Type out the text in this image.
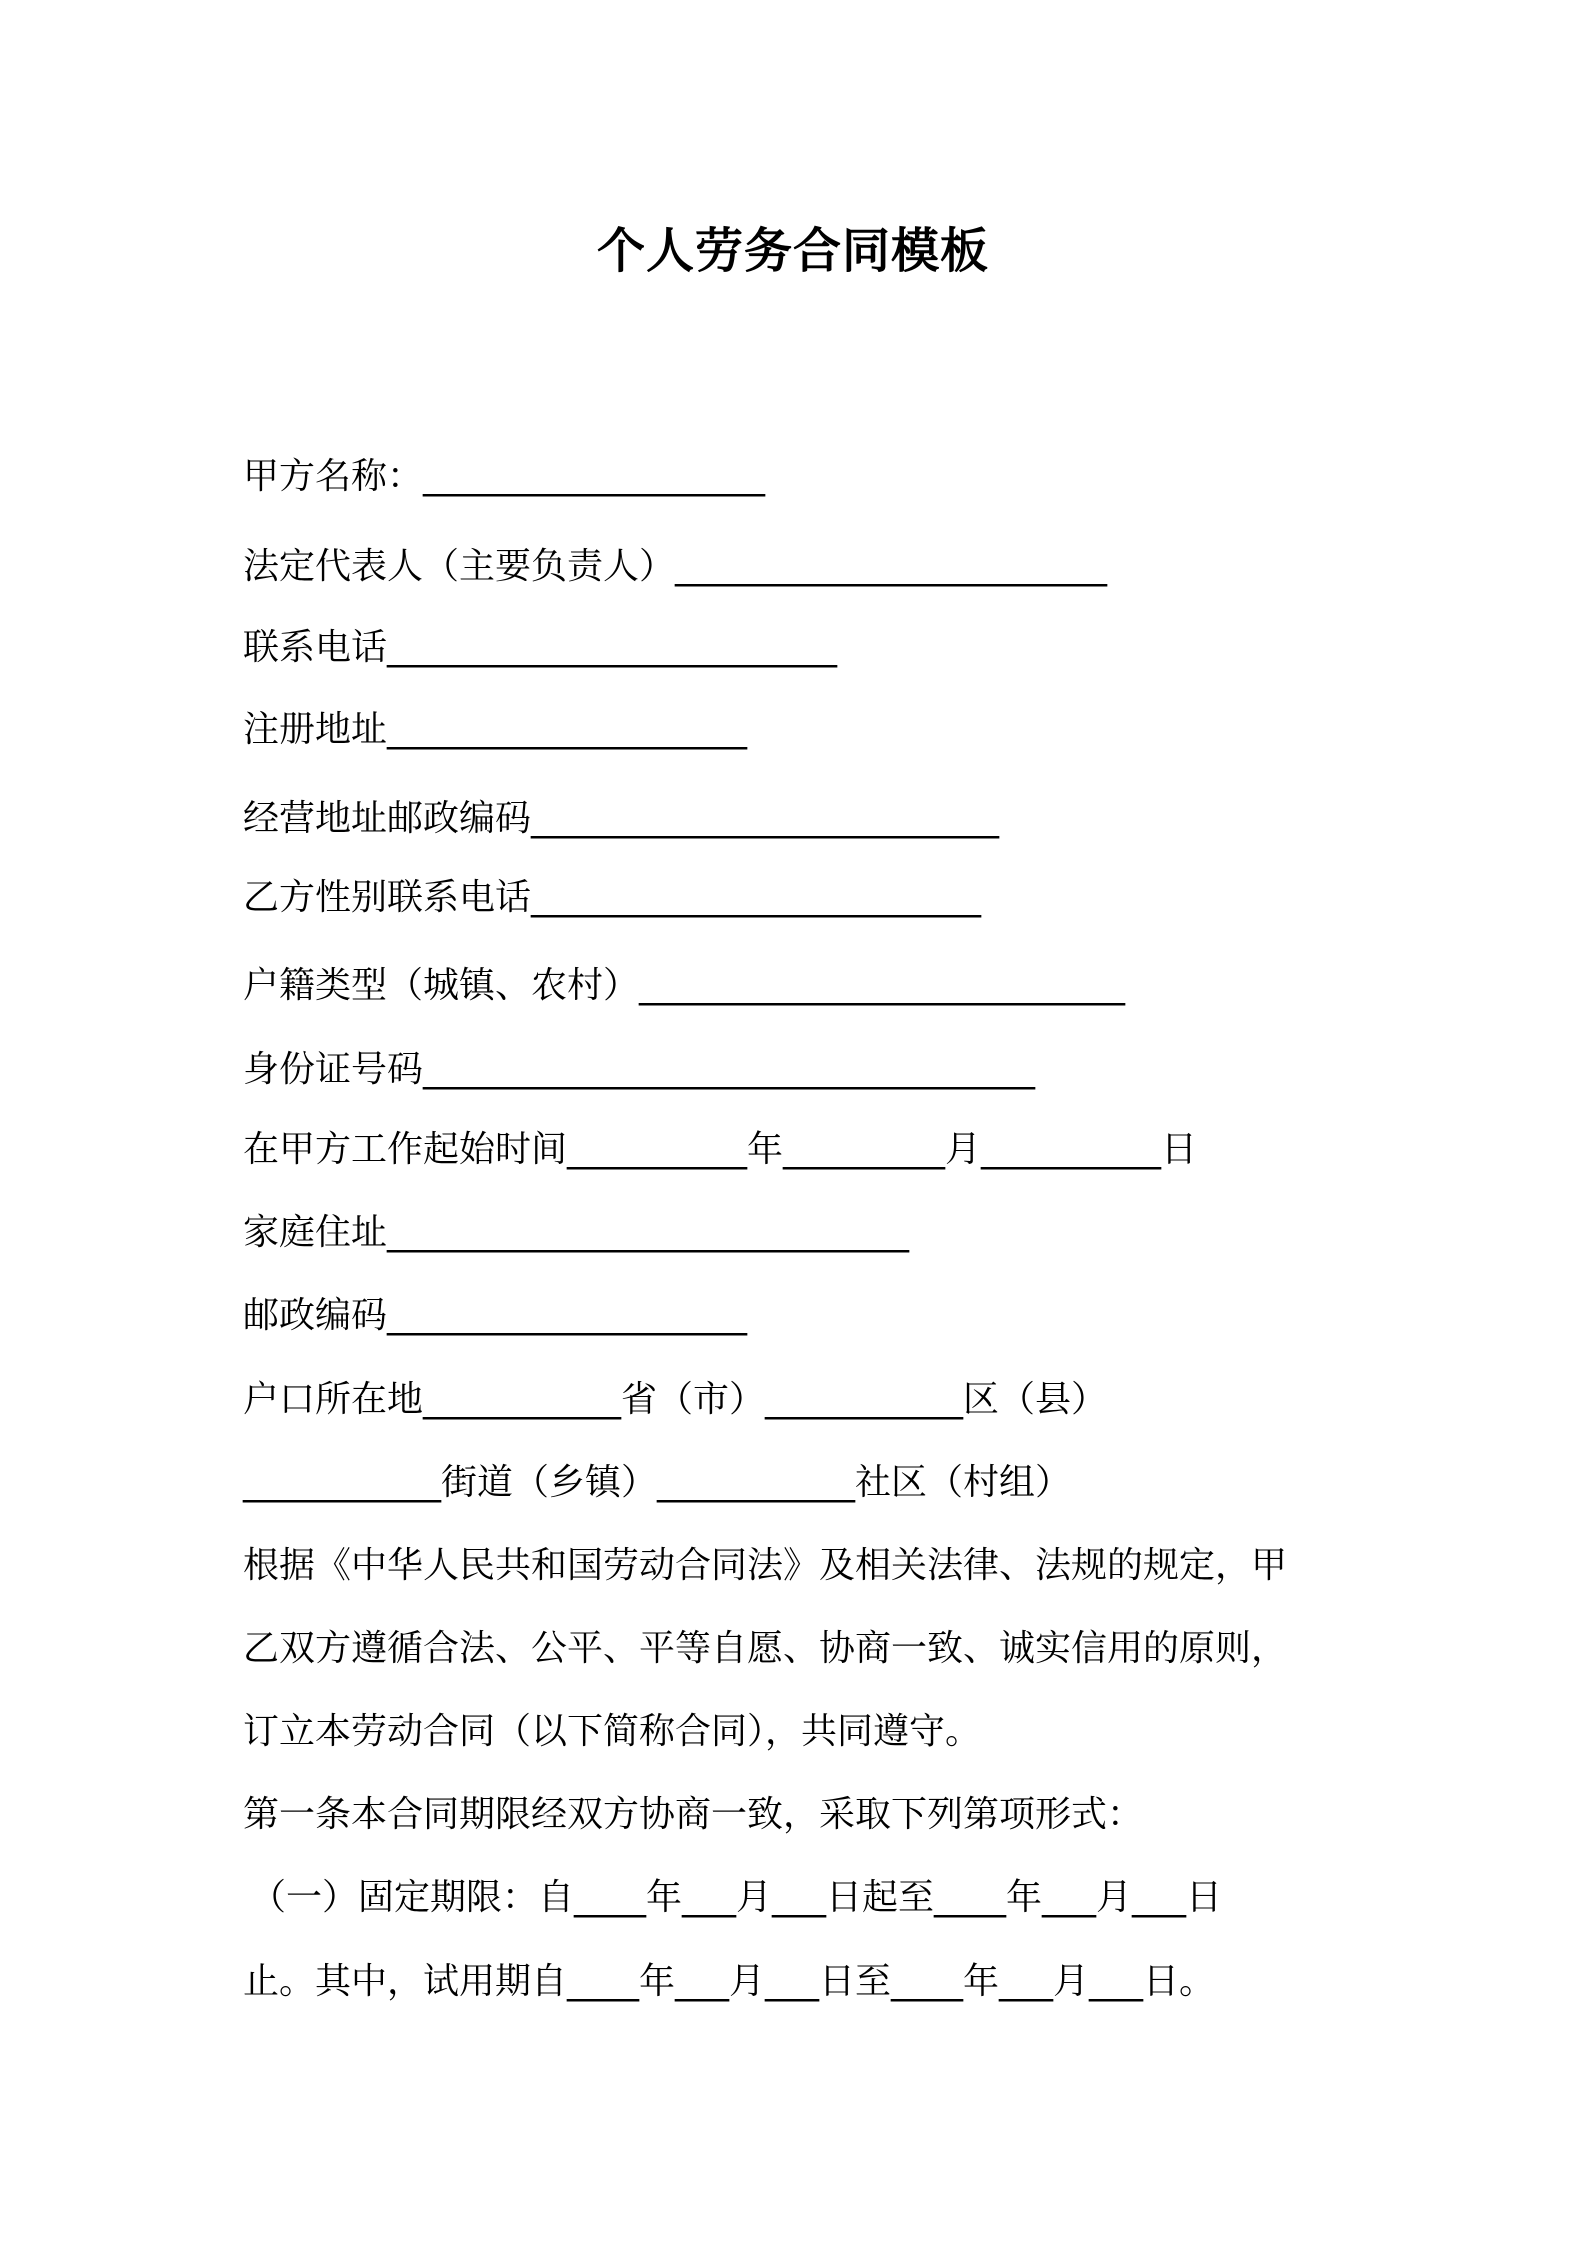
个人劳务合同模板
甲方名称：___________________
法定代表人（主要负责人）________________________
联系电话_________________________
注册地址____________________
经营地址邮政编码__________________________
乙方性别联系电话_________________________
户籍类型（城镇、农村）___________________________
身份证号码__________________________________
在甲方工作起始时间__________年_________月__________日
家庭住址_____________________________
邮政编码____________________
户口所在地___________省（市）___________区（县）
___________街道（乡镇）___________社区（村组）
根据《中华人民共和国劳动合同法》及相关法律、法规的规定，甲
乙双方遵循合法、公平、平等自愿、协商一致、诚实信用的原则，
订立本劳动合同（以下简称合同），共同遵守。
第一条本合同期限经双方协商一致，采取下列第项形式：
（一）固定期限：自____年___月___日起至____年___月___日
止。其中，试用期自____年___月___日至____年___月___日。
